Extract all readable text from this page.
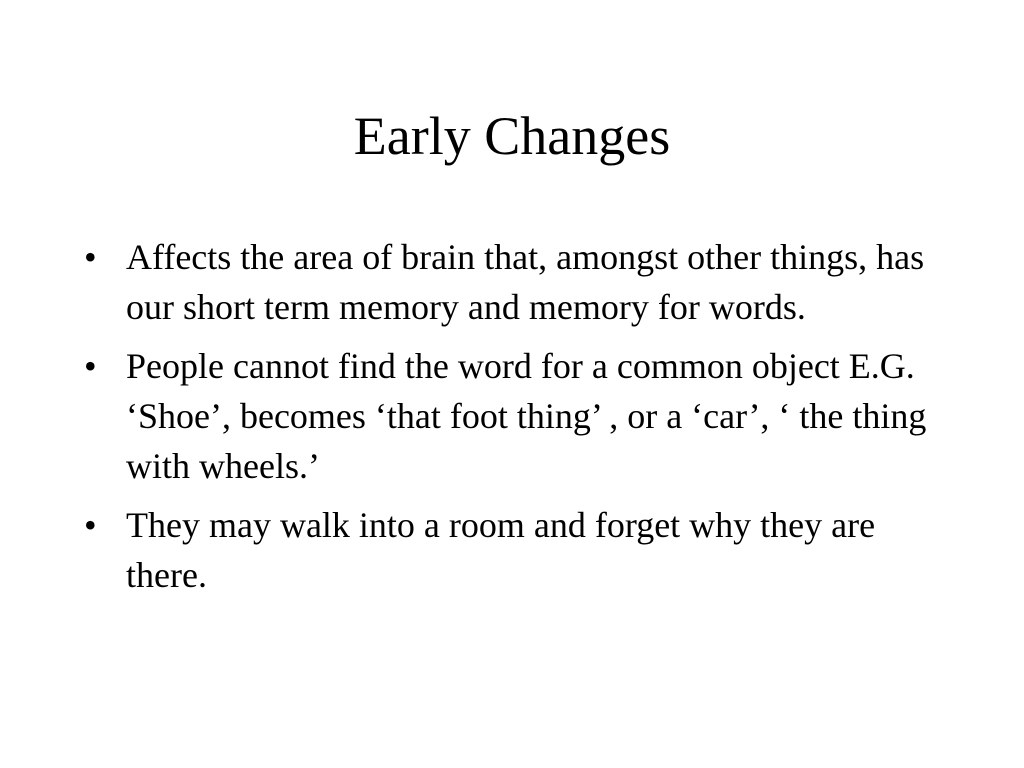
Early Changes
• Affects the area of brain that, amongst other things, has our short term memory and memory for words.
• People cannot find the word for a common object E.G. ‘Shoe’, becomes ‘that foot thing’ , or a ‘car’, ‘ the thing with wheels.’
• They may walk into a room and forget why they are there.
